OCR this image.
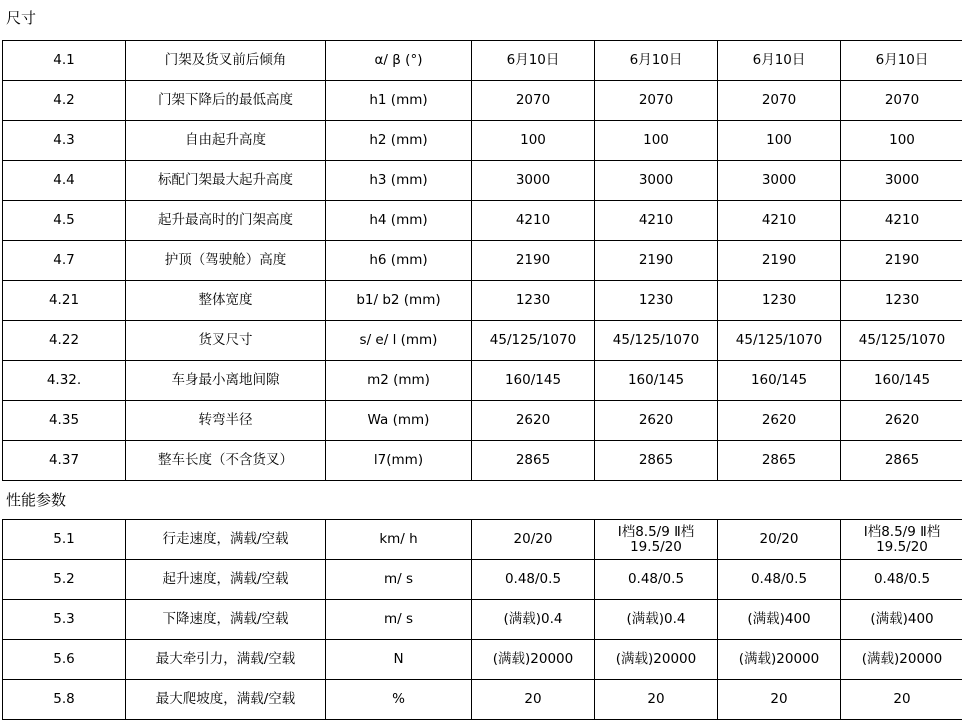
尺寸
4.1	门架及货叉前后倾角	α/ β (°)	6月10日	6月10日	6月10日	6月10日
4.2	门架下降后的最低高度	h1 (mm)	2070	2070	2070	2070
4.3	自由起升高度	h2 (mm)	100	100	100	100
4.4	标配门架最大起升高度	h3 (mm)	3000	3000	3000	3000
4.5	起升最高时的门架高度	h4 (mm)	4210	4210	4210	4210
4.7	护顶（驾驶舱）高度	h6 (mm)	2190	2190	2190	2190
4.21	整体宽度	b1/ b2 (mm)	1230	1230	1230	1230
4.22	货叉尺寸	s/ e/ l (mm)	45/125/1070	45/125/1070	45/125/1070	45/125/1070
4.32.	车身最小离地间隙	m2 (mm)	160/145	160/145	160/145	160/145
4.35	转弯半径	Wa (mm)	2620	2620	2620	2620
4.37	整车长度（不含货叉）	l7(mm)	2865	2865	2865	2865
性能参数
5.1	行走速度，满载/空载	km/ h	20/20	Ⅰ档8.5/9 Ⅱ档 19.5/20	20/20	Ⅰ档8.5/9 Ⅱ档 19.5/20
5.2	起升速度，满载/空载	m/ s	0.48/0.5	0.48/0.5	0.48/0.5	0.48/0.5
5.3	下降速度，满载/空载	m/ s	(满载)0.4	(满载)0.4	(满载)400	(满载)400
5.6	最大牵引力，满载/空载	N	(满载)20000	(满载)20000	(满载)20000	(满载)20000
5.8	最大爬坡度，满载/空载	%	20	20	20	20
